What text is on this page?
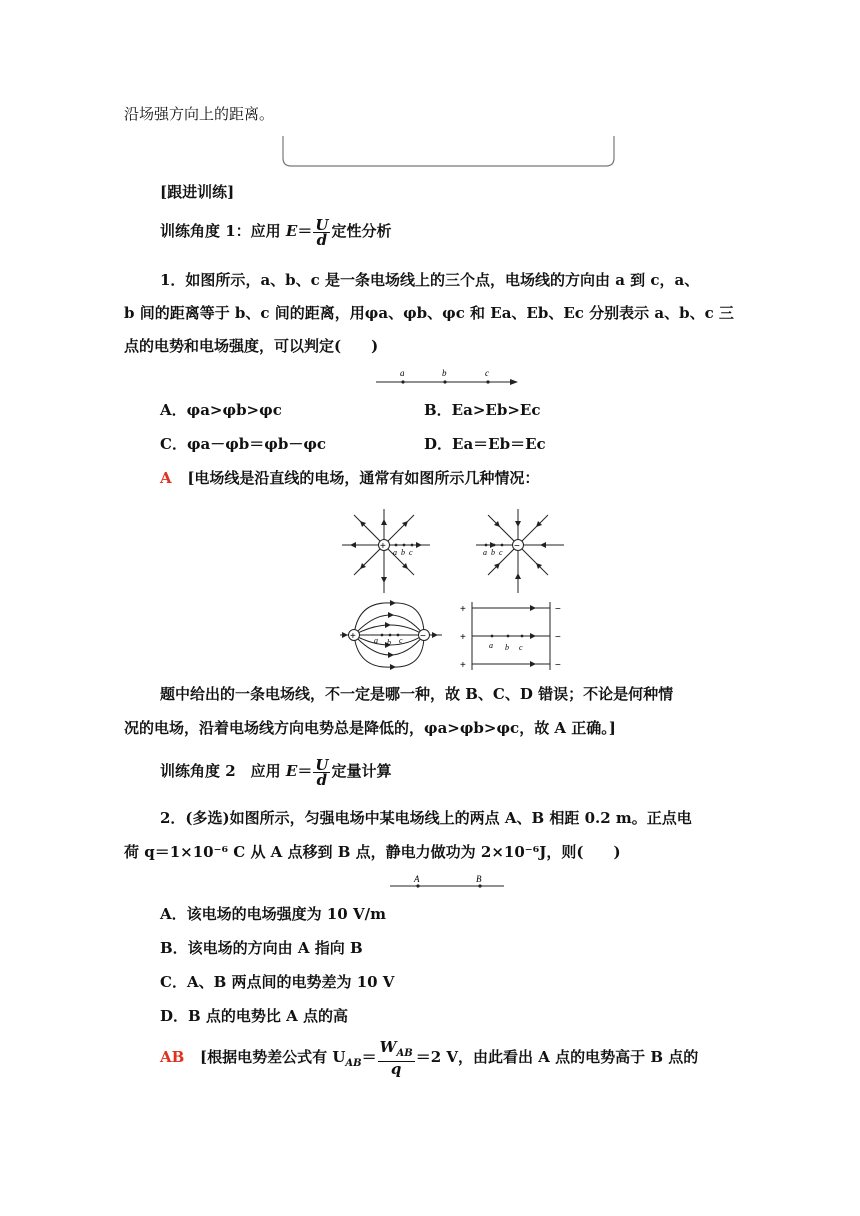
沿场强方向上的距离。
[跟进训练]
训练角度 1：应用 $E= \frac{U}{d}$ 定性分析
1．如图所示，a、b、c 是一条电场线上的三个点，电场线的方向由 a 到 c，a、
b 间的距离等于 b、c 间的距离，用φa、φb、φc 和 Ea、Eb、Ec 分别表示 a、b、c 三
点的电势和电场强度，可以判定(　　)
a	b	c
A．φa>φb>φc	B．Ea>Eb>Ec
C．φa－φb＝φb－φc	D．Ea＝Eb＝Ec
A [电场线是沿直线的电场，通常有如图所示几种情况：
+
a b c
−
a b c
+	−
a b c
+
+
+
−
−
−
a b c
题中给出的一条电场线，不一定是哪一种，故 B、C、D 错误；不论是何种情
况的电场，沿着电场线方向电势总是降低的，φa>φb>φc，故 A 正确。]
训练角度 2　应用 $E= \frac{U}{d}$ 定量计算
2．(多选)如图所示，匀强电场中某电场线上的两点 A、B 相距 0.2 m。正点电
荷 q＝1×10⁻⁶ C 从 A 点移到 B 点，静电力做功为 2×10⁻⁶J，则(　　)
A	B
A．该电场的电场强度为 10 V/m
B．该电场的方向由 A 指向 B
C．A、B 两点间的电势差为 10 V
D．B 点的电势比 A 点的高
AB [根据电势差公式有 $U_{AB}= \frac{W_{AB}}{q} =2$ V，由此看出 A 点的电势高于 B 点的
